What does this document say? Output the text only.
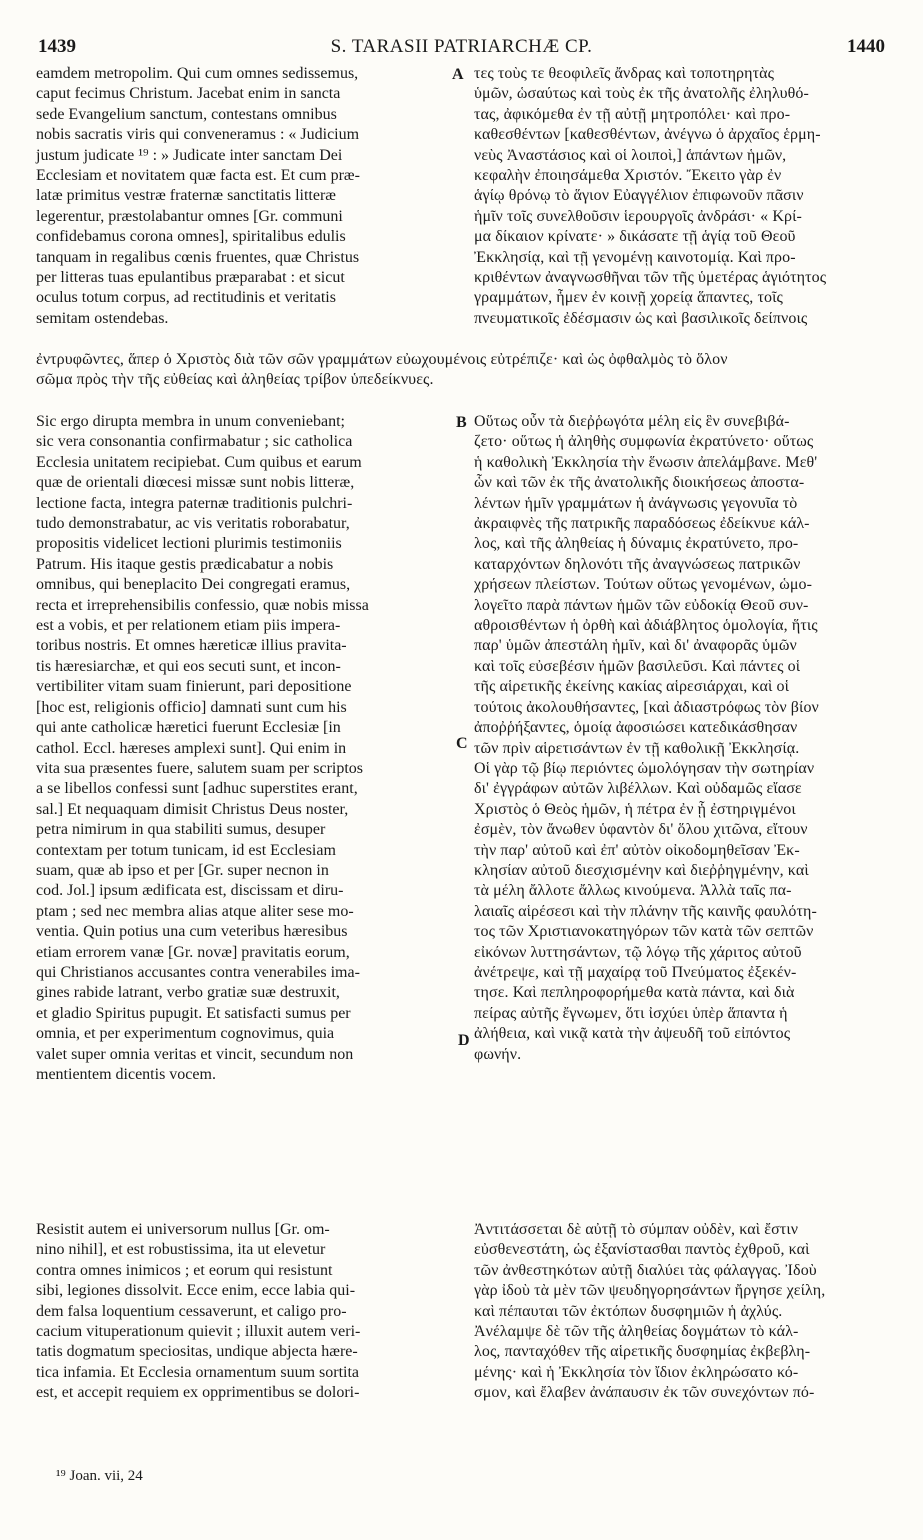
1439	S. TARASII PATRIARCHÆ CP.	1440
eamdem metropolim. Qui cum omnes sedissemus,
caput fecimus Christum. Jacebat enim in sancta
sede Evangelium sanctum, contestans omnibus
nobis sacratis viris qui conveneramus : « Judicium
justum judicate ¹⁹ : » Judicate inter sanctam Dei
Ecclesiam et novitatem quæ facta est. Et cum præ-
latæ primitus vestræ fraternæ sanctitatis litteræ
legerentur, præstolabantur omnes [Gr. communi
confidebamus corona omnes], spiritalibus edulis
tanquam in regalibus cœnis fruentes, quæ Christus
per litteras tuas epulantibus præparabat : et sicut
oculus totum corpus, ad rectitudinis et veritatis
semitam ostendebas.
τες τοὺς τε θεοφιλεῖς ἄνδρας καὶ τοποτηρητὰς
ὑμῶν, ὡσαύτως καὶ τοὺς ἐκ τῆς ἀνατολῆς ἐληλυθό-
τας, ἀφικόμεθα ἐν τῇ αὐτῇ μητροπόλει· καὶ προ-
καθεσθέντων [καθεσθέντων, ἀνέγνω ὁ ἀρχαῖος ἑρμη-
νεὺς Ἀναστάσιος καὶ οἱ λοιποὶ,] ἁπάντων ἡμῶν,
κεφαλὴν ἐποιησάμεθα Χριστόν. Ἔκειτο γὰρ ἐν
ἁγίῳ θρόνῳ τὸ ἅγιον Εὐαγγέλιον ἐπιφωνοῦν πᾶσιν
ἡμῖν τοῖς συνελθοῦσιν ἱερουργοῖς ἀνδράσι· « Κρί-
μα δίκαιον κρίνατε· » δικάσατε τῇ ἁγίᾳ τοῦ Θεοῦ
Ἐκκλησίᾳ, καὶ τῇ γενομένῃ καινοτομίᾳ. Καὶ προ-
κριθέντων ἀναγνωσθῆναι τῶν τῆς ὑμετέρας ἁγιότητος
γραμμάτων, ἦμεν ἐν κοινῇ χορείᾳ ἅπαντες, τοῖς
πνευματικοῖς ἐδέσμασιν ὡς καὶ βασιλικοῖς δείπνοις
ἐντρυφῶντες, ἅπερ ὁ Χριστὸς διὰ τῶν σῶν γραμμάτων εὐωχουμένοις εὐτρέπιζε· καὶ ὡς ὀφθαλμὸς τὸ ὅλον
σῶμα πρὸς τὴν τῆς εὐθείας καὶ ἀληθείας τρίβον ὑπεδείκνυες.
Sic ergo dirupta membra in unum conveniebant;
sic vera consonantia confirmabatur ; sic catholica
Ecclesia unitatem recipiebat. Cum quibus et earum
quæ de orientali diœcesi missæ sunt nobis litteræ,
lectione facta, integra paternæ traditionis pulchri-
tudo demonstrabatur, ac vis veritatis roborabatur,
propositis videlicet lectioni plurimis testimoniis
Patrum. His itaque gestis prædicabatur a nobis
omnibus, qui beneplacito Dei congregati eramus,
recta et irreprehensibilis confessio, quæ nobis missa
est a vobis, et per relationem etiam piis impera-
toribus nostris. Et omnes hæreticæ illius pravita-
tis hæresiarchæ, et qui eos secuti sunt, et incon-
vertibiliter vitam suam finierunt, pari depositione
[hoc est, religionis officio] damnati sunt cum his
qui ante catholicæ hæretici fuerunt Ecclesiæ [in
cathol. Eccl. hæreses amplexi sunt]. Qui enim in
vita sua præsentes fuere, salutem suam per scriptos
a se libellos confessi sunt [adhuc superstites erant,
sal.] Et nequaquam dimisit Christus Deus noster,
petra nimirum in qua stabiliti sumus, desuper
contextam per totum tunicam, id est Ecclesiam
suam, quæ ab ipso et per [Gr. super necnon in
cod. Jol.] ipsum ædificata est, discissam et diru-
ptam ; sed nec membra alias atque aliter sese mo-
ventia. Quin potius una cum veteribus hæresibus
etiam errorem vanæ [Gr. novæ] pravitatis eorum,
qui Christianos accusantes contra venerabiles ima-
gines rabide latrant, verbo gratiæ suæ destruxit,
et gladio Spiritus pupugit. Et satisfacti sumus per
omnia, et per experimentum cognovimus, quia
valet super omnia veritas et vincit, secundum non
mentientem dicentis vocem.
Οὕτως οὖν τὰ διεῤῥωγότα μέλη εἰς ἓν συνεβιβά-
ζετο· οὕτως ἡ ἀληθὴς συμφωνία ἐκρατύνετο· οὕτως
ἡ καθολικὴ Ἐκκλησία τὴν ἕνωσιν ἀπελάμβανε. Μεθ'
ὧν καὶ τῶν ἐκ τῆς ἀνατολικῆς διοικήσεως ἀποστα-
λέντων ἡμῖν γραμμάτων ἡ ἀνάγνωσις γεγονυῖα τὸ
ἀκραιφνὲς τῆς πατρικῆς παραδόσεως ἐδείκνυε κάλ-
λος, καὶ τῆς ἀληθείας ἡ δύναμις ἐκρατύνετο, προ-
καταρχόντων δηλονότι τῆς ἀναγνώσεως πατρικῶν
χρήσεων πλείστων. Τούτων οὕτως γενομένων, ὡμο-
λογεῖτο παρὰ πάντων ἡμῶν τῶν εὐδοκίᾳ Θεοῦ συν-
αθροισθέντων ἡ ὀρθὴ καὶ ἀδιάβλητος ὁμολογία, ἥτις
παρ' ὑμῶν ἀπεστάλη ἡμῖν, καὶ δι' ἀναφορᾶς ὑμῶν
καὶ τοῖς εὐσεβέσιν ἡμῶν βασιλεῦσι. Καὶ πάντες οἱ
τῆς αἱρετικῆς ἐκείνης κακίας αἱρεσιάρχαι, καὶ οἱ
τούτοις ἀκολουθήσαντες, [καὶ ἀδιαστρόφως τὸν βίον
ἀποῤῥήξαντες, ὁμοίᾳ ἀφοσιώσει κατεδικάσθησαν
τῶν πρὶν αἱρετισάντων ἐν τῇ καθολικῇ Ἐκκλησίᾳ.
Οἱ γὰρ τῷ βίῳ περιόντες ὡμολόγησαν τὴν σωτηρίαν
δι' ἐγγράφων αὐτῶν λιβέλλων. Καὶ οὐδαμῶς εἴασε
Χριστὸς ὁ Θεὸς ἡμῶν, ἡ πέτρα ἐν ᾗ ἐστηριγμένοι
ἐσμὲν, τὸν ἄνωθεν ὑφαντὸν δι' ὅλου χιτῶνα, εἴτουν
τὴν παρ' αὐτοῦ καὶ ἐπ' αὐτὸν οἰκοδομηθεῖσαν Ἐκ-
κλησίαν αὐτοῦ διεσχισμένην καὶ διεῤῥηγμένην, καὶ
τὰ μέλη ἄλλοτε ἄλλως κινούμενα. Ἀλλὰ ταῖς πα-
λαιαῖς αἱρέσεσι καὶ τὴν πλάνην τῆς καινῆς φαυλότη-
τος τῶν Χριστιανοκατηγόρων τῶν κατὰ τῶν σεπτῶν
εἰκόνων λυττησάντων, τῷ λόγῳ τῆς χάριτος αὐτοῦ
ἀνέτρεψε, καὶ τῇ μαχαίρᾳ τοῦ Πνεύματος ἐξεκέν-
τησε. Καὶ πεπληροφορήμεθα κατὰ πάντα, καὶ διὰ
πείρας αὐτῆς ἔγνωμεν, ὅτι ἰσχύει ὑπὲρ ἅπαντα ἡ
ἀλήθεια, καὶ νικᾷ κατὰ τὴν ἀψευδῆ τοῦ εἰπόντος
φωνήν.
Resistit autem ei universorum nullus [Gr. om-
nino nihil], et est robustissima, ita ut elevetur
contra omnes inimicos ; et eorum qui resistunt
sibi, legiones dissolvit. Ecce enim, ecce labia qui-
dem falsa loquentium cessaverunt, et caligo pro-
cacium vituperationum quievit ; illuxit autem veri-
tatis dogmatum speciositas, undique abjecta hære-
tica infamia. Et Ecclesia ornamentum suum sortita
est, et accepit requiem ex opprimentibus se dolori-
Ἀντιτάσσεται δὲ αὐτῇ τὸ σύμπαν οὐδὲν, καὶ ἔστιν
εὐσθενεστάτη, ὡς ἐξανίστασθαι παντὸς ἐχθροῦ, καὶ
τῶν ἀνθεστηκότων αὐτῇ διαλύει τὰς φάλαγγας. Ἰδοὺ
γὰρ ἰδοὺ τὰ μὲν τῶν ψευδηγορησάντων ἤργησε χείλη,
καὶ πέπαυται τῶν ἐκτόπων δυσφημιῶν ἡ ἀχλύς.
Ἀνέλαμψε δὲ τῶν τῆς ἀληθείας δογμάτων τὸ κάλ-
λος, πανταχόθεν τῆς αἱρετικῆς δυσφημίας ἐκβεβλη-
μένης· καὶ ἡ Ἐκκλησία τὸν ἴδιον ἐκληρώσατο κό-
σμον, καὶ ἔλαβεν ἀνάπαυσιν ἐκ τῶν συνεχόντων πό-
A
B
C
D
¹⁹ Joan. vii, 24
